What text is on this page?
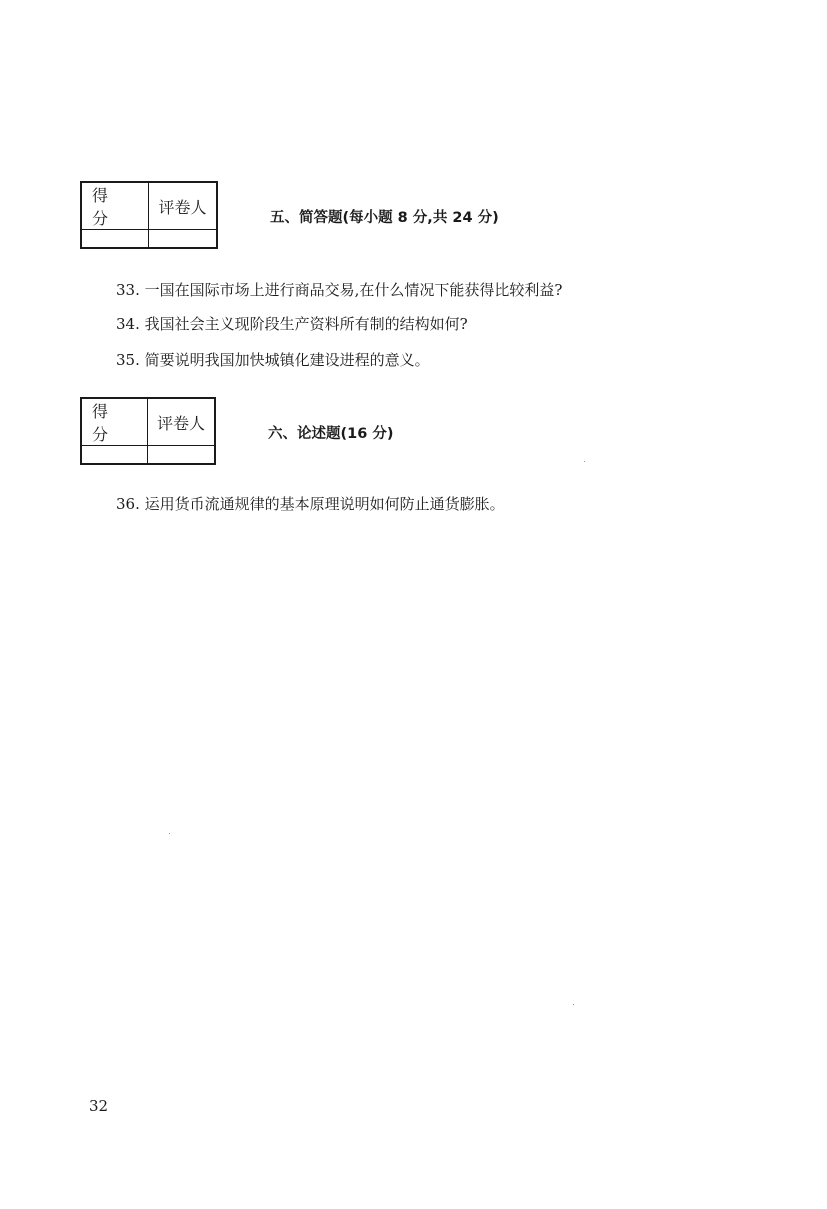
得 分
评卷人
五、简答题(每小题 8 分,共 24 分)
33. 一国在国际市场上进行商品交易,在什么情况下能获得比较利益?
34. 我国社会主义现阶段生产资料所有制的结构如何?
35. 简要说明我国加快城镇化建设进程的意义。
得 分
评卷人
六、论述题(16 分)
36. 运用货币流通规律的基本原理说明如何防止通货膨胀。
32
